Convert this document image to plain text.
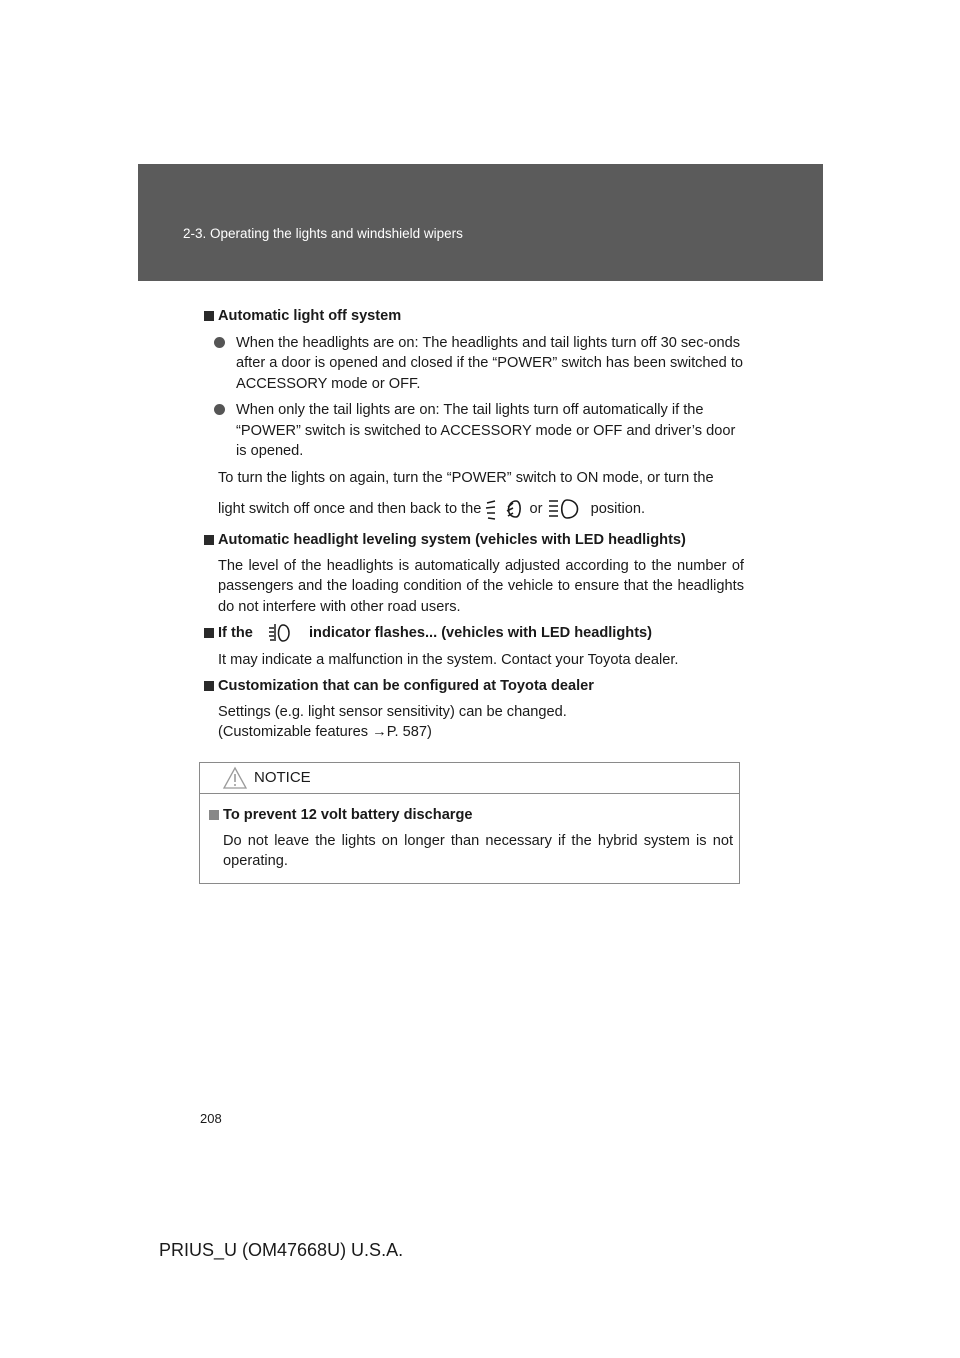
2-3. Operating the lights and windshield wipers

Automatic light off system

When the headlights are on: The headlights and tail lights turn off 30 sec-onds after a door is opened and closed if the “POWER” switch has been switched to ACCESSORY mode or OFF.

When only the tail lights are on: The tail lights turn off automatically if the “POWER” switch is switched to ACCESSORY mode or OFF and driver’s door is opened.

To turn the lights on again, turn the “POWER” switch to ON mode, or turn the

light switch off once and then back to the	or	position.

Automatic headlight leveling system (vehicles with LED headlights)

The level of the headlights is automatically adjusted according to the number of passengers and the loading condition of the vehicle to ensure that the headlights do not interfere with other road users.

If the	indicator flashes... (vehicles with LED headlights)

It may indicate a malfunction in the system. Contact your Toyota dealer.

Customization that can be configured at Toyota dealer

Settings (e.g. light sensor sensitivity) can be changed.

(Customizable features →P. 587)

NOTICE

To prevent 12 volt battery discharge

Do not leave the lights on longer than necessary if the hybrid system is not operating.

208
PRIUS_U (OM47668U) U.S.A.
